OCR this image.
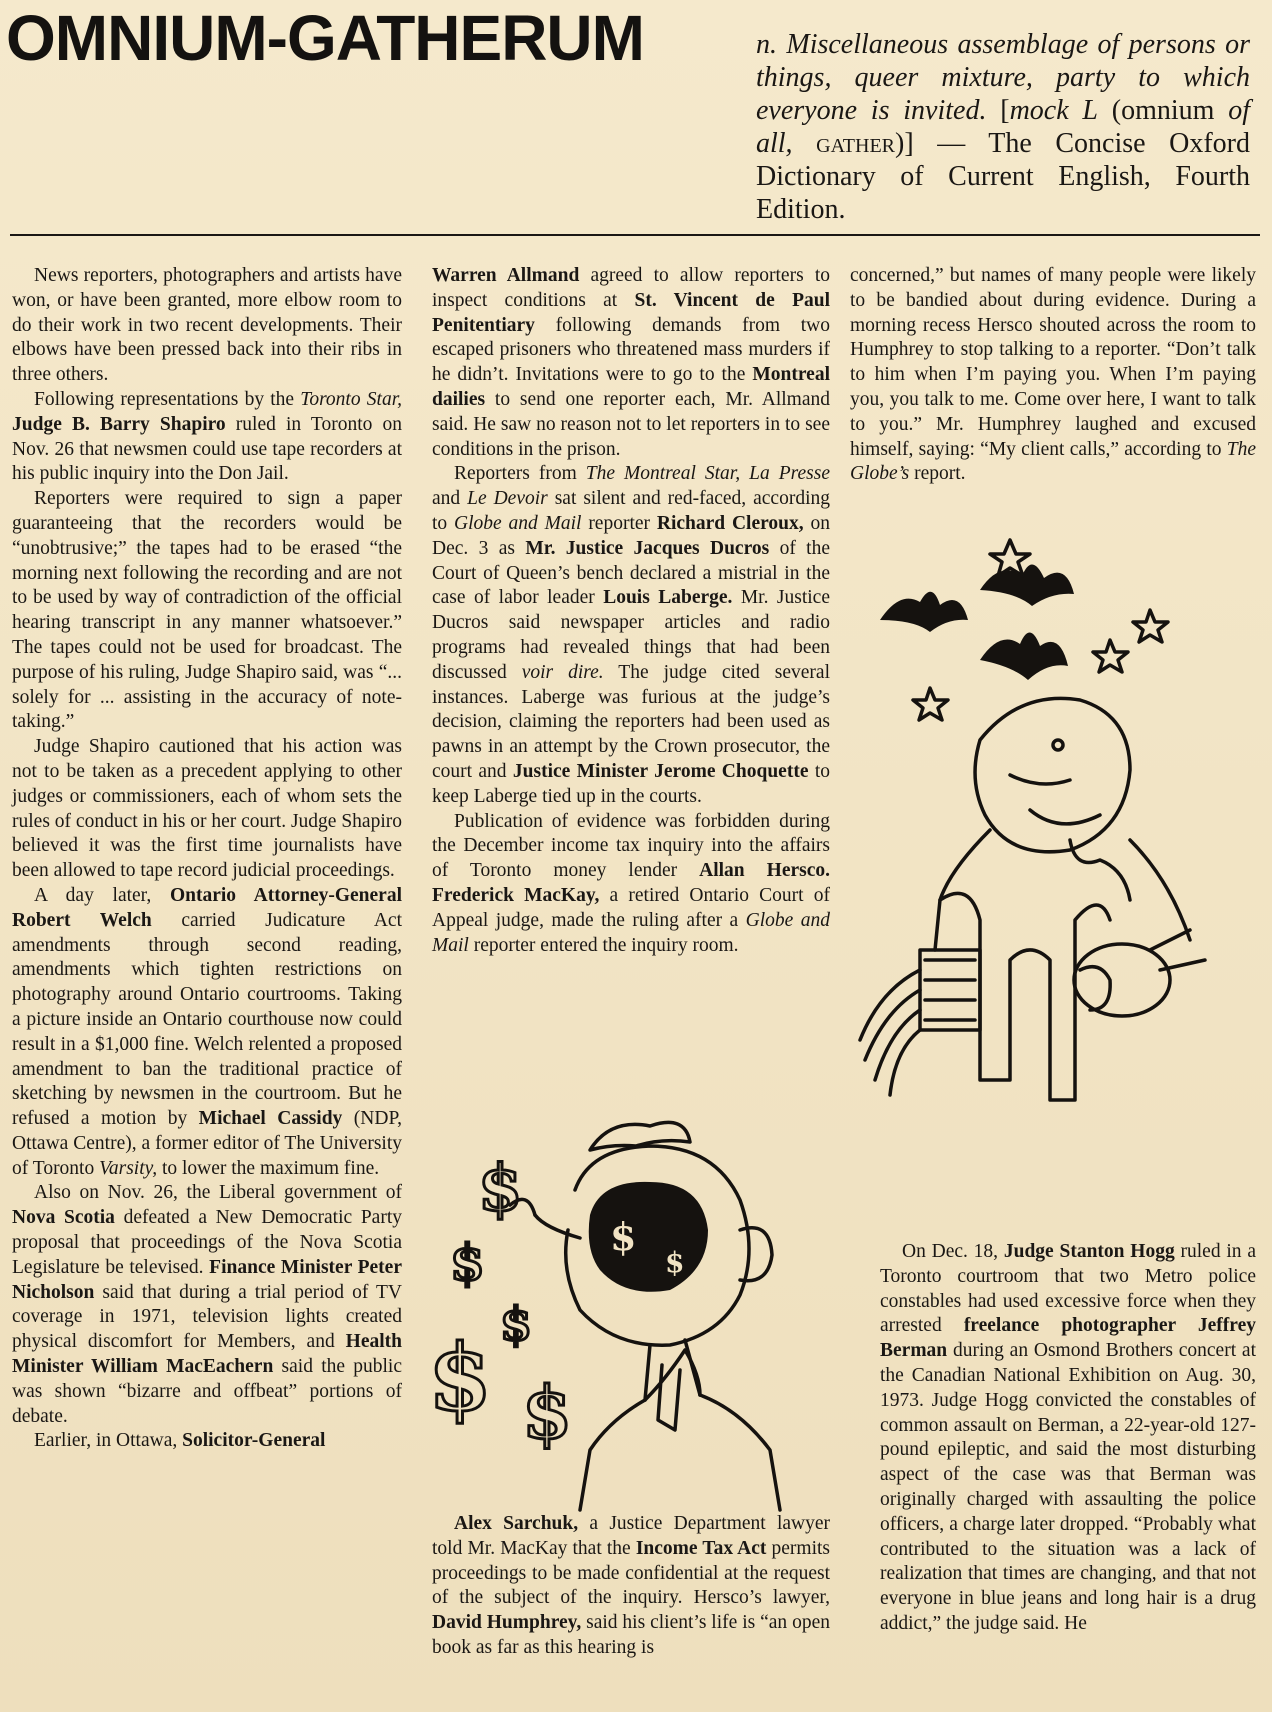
OMNIUM-GATHERUM	n. Miscellaneous assemblage of persons or things, queer mixture, party to which everyone is invited. [mock L (omnium of all, gather)] — The Concise Oxford Dictionary of Current English, Fourth Edition.

News reporters, photographers and artists have won, or have been granted, more elbow room to do their work in two recent developments. Their elbows have been pressed back into their ribs in three others.

Following representations by the Toronto Star, Judge B. Barry Shapiro ruled in Toronto on Nov. 26 that newsmen could use tape recorders at his public inquiry into the Don Jail.

Reporters were required to sign a paper guaranteeing that the recorders would be “unobtrusive;” the tapes had to be erased “the morning next following the recording and are not to be used by way of contradiction of the official hearing transcript in any manner whatsoever.” The tapes could not be used for broadcast. The purpose of his ruling, Judge Shapiro said, was “... solely for ... assisting in the accuracy of note-taking.”

Judge Shapiro cautioned that his action was not to be taken as a precedent applying to other judges or commissioners, each of whom sets the rules of conduct in his or her court. Judge Shapiro believed it was the first time journalists have been allowed to tape record judicial proceedings.

A day later, Ontario Attorney-General Robert Welch carried Judicature Act amendments through second reading, amendments which tighten restrictions on photography around Ontario courtrooms. Taking a picture inside an Ontario courthouse now could result in a $1,000 fine. Welch relented a proposed amendment to ban the traditional practice of sketching by newsmen in the courtroom. But he refused a motion by Michael Cassidy (NDP, Ottawa Centre), a former editor of The University of Toronto Varsity, to lower the maximum fine.

Also on Nov. 26, the Liberal government of Nova Scotia defeated a New Democratic Party proposal that proceedings of the Nova Scotia Legislature be televised. Finance Minister Peter Nicholson said that during a trial period of TV coverage in 1971, television lights created physical discomfort for Members, and Health Minister William MacEachern said the public was shown “bizarre and offbeat” portions of debate.

Earlier, in Ottawa, Solicitor-General

Warren Allmand agreed to allow reporters to inspect conditions at St. Vincent de Paul Penitentiary following demands from two escaped prisoners who threatened mass murders if he didn’t. Invitations were to go to the Montreal dailies to send one reporter each, Mr. Allmand said. He saw no reason not to let reporters in to see conditions in the prison.

Reporters from The Montreal Star, La Presse and Le Devoir sat silent and red-faced, according to Globe and Mail reporter Richard Cleroux, on Dec. 3 as Mr. Justice Jacques Ducros of the Court of Queen’s bench declared a mistrial in the case of labor leader Louis Laberge. Mr. Justice Ducros said newspaper articles and radio programs had revealed things that had been discussed voir dire. The judge cited several instances. Laberge was furious at the judge’s decision, claiming the reporters had been used as pawns in an attempt by the Crown prosecutor, the court and Justice Minister Jerome Choquette to keep Laberge tied up in the courts.

Publication of evidence was forbidden during the December income tax inquiry into the affairs of Toronto money lender Allan Hersco. Frederick MacKay, a retired Ontario Court of Appeal judge, made the ruling after a Globe and Mail reporter entered the inquiry room.

$
$
$
$
$ $
$

Alex Sarchuk, a Justice Department lawyer told Mr. MacKay that the Income Tax Act permits proceedings to be made confidential at the request of the subject of the inquiry. Hersco’s lawyer, David Humphrey, said his client’s life is “an open book as far as this hearing is

concerned,” but names of many people were likely to be bandied about during evidence. During a morning recess Hersco shouted across the room to Humphrey to stop talking to a reporter. “Don’t talk to him when I’m paying you. When I’m paying you, you talk to me. Come over here, I want to talk to you.” Mr. Humphrey laughed and excused himself, saying: “My client calls,” according to The Globe’s report.

On Dec. 18, Judge Stanton Hogg ruled in a Toronto courtroom that two Metro police constables had used excessive force when they arrested freelance photographer Jeffrey Berman during an Osmond Brothers concert at the Canadian National Exhibition on Aug. 30, 1973. Judge Hogg convicted the constables of common assault on Berman, a 22-year-old 127-pound epileptic, and said the most disturbing aspect of the case was that Berman was originally charged with assaulting the police officers, a charge later dropped. “Probably what contributed to the situation was a lack of realization that times are changing, and that not everyone in blue jeans and long hair is a drug addict,” the judge said. He
